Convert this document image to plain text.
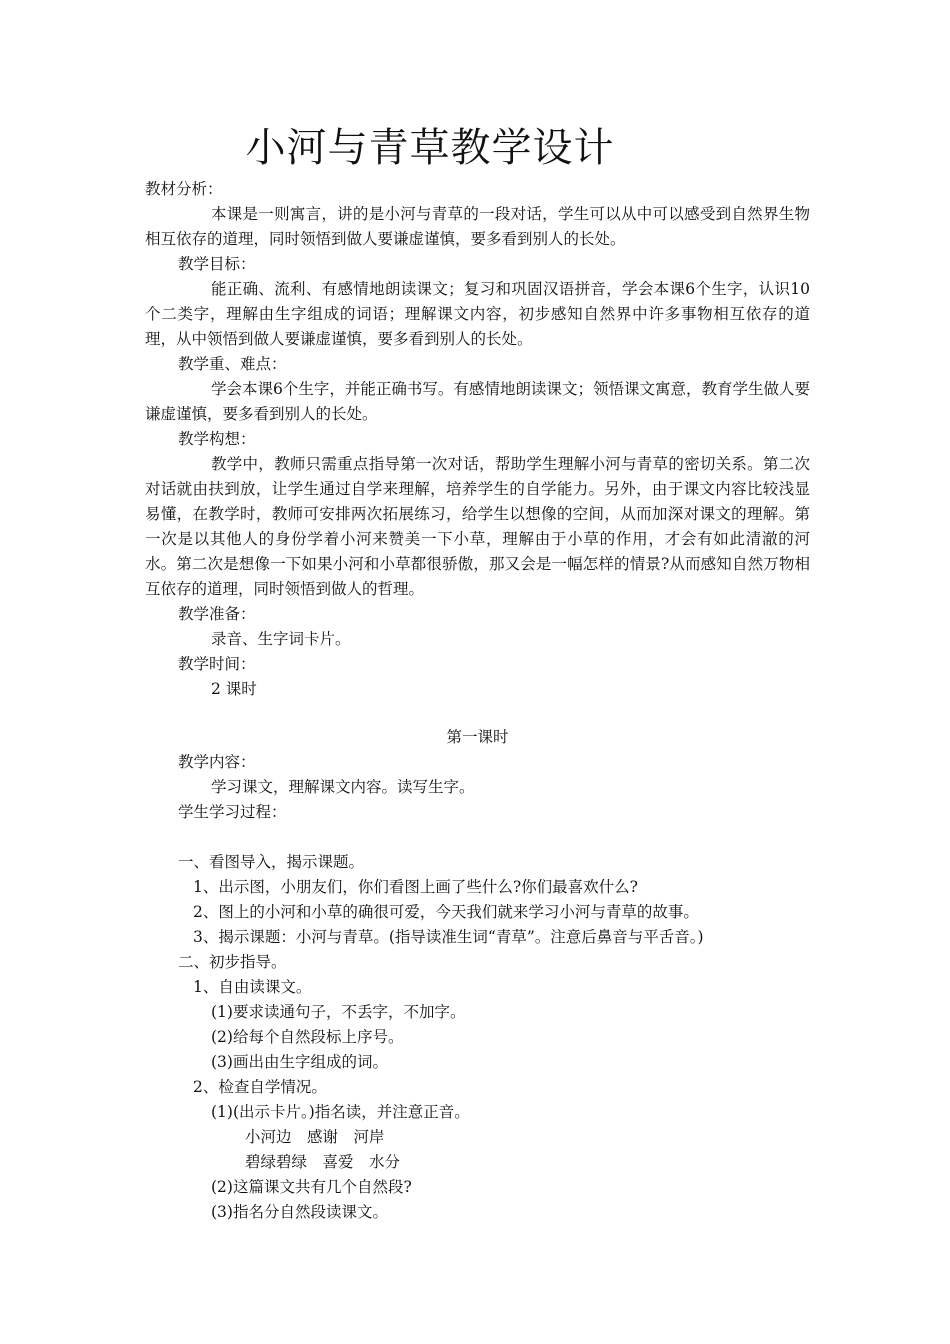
小河与青草教学设计
教材分析：
本课是一则寓言，讲的是小河与青草的一段对话，学生可以从中可以感受到自然界生物相互依存的道理，同时领悟到做人要谦虚谨慎，要多看到别人的长处。
教学目标：
能正确、流利、有感情地朗读课文；复习和巩固汉语拼音，学会本课6个生字，认识10个二类字，理解由生字组成的词语；理解课文内容，初步感知自然界中许多事物相互依存的道理，从中领悟到做人要谦虚谨慎，要多看到别人的长处。
教学重、难点：
学会本课6个生字，并能正确书写。有感情地朗读课文；领悟课文寓意，教育学生做人要谦虚谨慎，要多看到别人的长处。
教学构想：
教学中，教师只需重点指导第一次对话，帮助学生理解小河与青草的密切关系。第二次对话就由扶到放，让学生通过自学来理解，培养学生的自学能力。另外，由于课文内容比较浅显易懂，在教学时，教师可安排两次拓展练习，给学生以想像的空间，从而加深对课文的理解。第一次是以其他人的身份学着小河来赞美一下小草，理解由于小草的作用，才会有如此清澈的河水。第二次是想像一下如果小河和小草都很骄傲，那又会是一幅怎样的情景?从而感知自然万物相互依存的道理，同时领悟到做人的哲理。
教学准备：
录音、生字词卡片。
教学时间：
2 课时
第一课时
教学内容：
学习课文，理解课文内容。读写生字。
学生学习过程：
一、看图导入，揭示课题。
1、出示图，小朋友们，你们看图上画了些什么?你们最喜欢什么?
2、图上的小河和小草的确很可爱，今天我们就来学习小河与青草的故事。
3、揭示课题：小河与青草。(指导读准生词“青草”。注意后鼻音与平舌音。)
二、初步指导。
1、自由读课文。
(1)要求读通句子，不丢字，不加字。
(2)给每个自然段标上序号。
(3)画出由生字组成的词。
2、检查自学情况。
(1)(出示卡片。)指名读，并注意正音。
小河边　感谢　河岸
碧绿碧绿　喜爱　水分
(2)这篇课文共有几个自然段?
(3)指名分自然段读课文。
